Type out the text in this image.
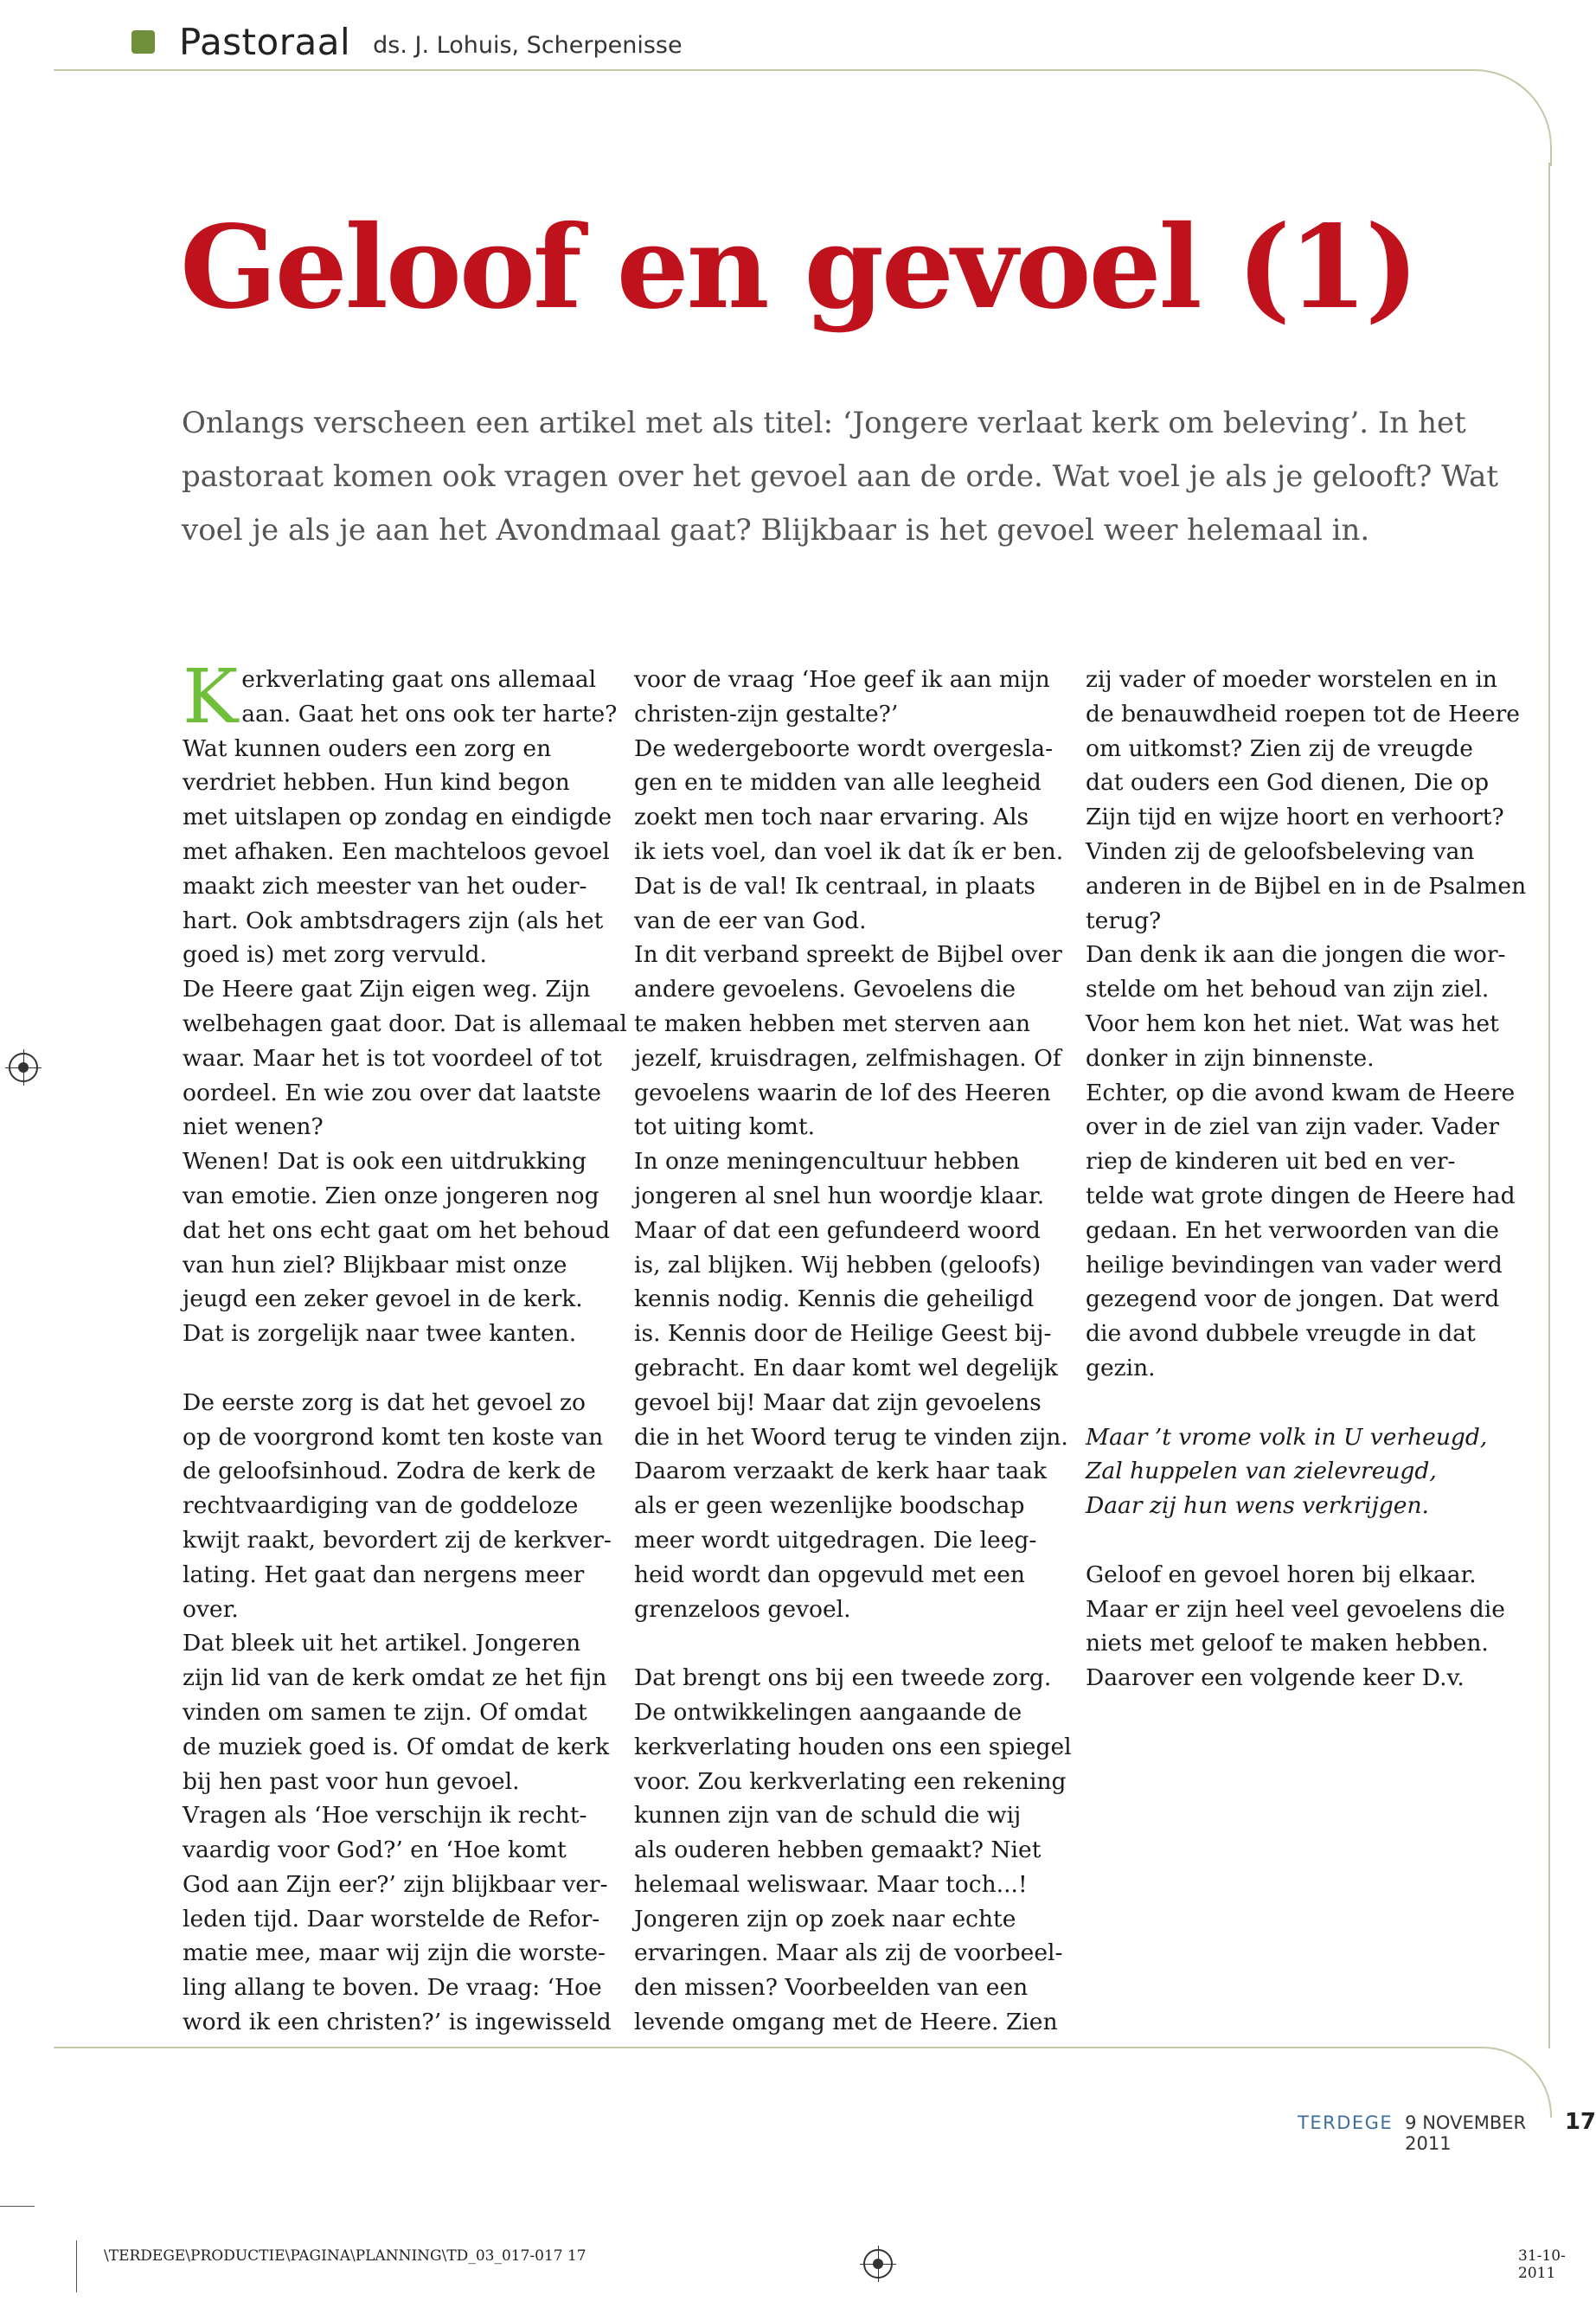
Pastoraal ds. J. Lohuis, Scherpenisse
Geloof en gevoel (1)

Onlangs verscheen een artikel met als titel: ‘Jongere verlaat kerk om beleving’. In het pastoraat komen ook vragen over het gevoel aan de orde. Wat voel je als je gelooft? Wat voel je als je aan het Avondmaal gaat? Blijkbaar is het gevoel weer helemaal in.

K erkverlating gaat ons allemaal

aan. Gaat het ons ook ter harte?

Wat kunnen ouders een zorg en

verdriet hebben. Hun kind begon

met uitslapen op zondag en eindigde

met afhaken. Een machteloos gevoel

maakt zich meester van het ouder-

hart. Ook ambtsdragers zijn (als het

goed is) met zorg vervuld.

De Heere gaat Zijn eigen weg. Zijn

welbehagen gaat door. Dat is allemaal

waar. Maar het is tot voordeel of tot

oordeel. En wie zou over dat laatste

niet wenen?

Wenen! Dat is ook een uitdrukking

van emotie. Zien onze jongeren nog

dat het ons echt gaat om het behoud

van hun ziel? Blijkbaar mist onze

jeugd een zeker gevoel in de kerk.

Dat is zorgelijk naar twee kanten.

De eerste zorg is dat het gevoel zo

op de voorgrond komt ten koste van

de geloofsinhoud. Zodra de kerk de

rechtvaardiging van de goddeloze

kwijt raakt, bevordert zij de kerkver-

lating. Het gaat dan nergens meer

over.

Dat bleek uit het artikel. Jongeren

zijn lid van de kerk omdat ze het fijn

vinden om samen te zijn. Of omdat

de muziek goed is. Of omdat de kerk

bij hen past voor hun gevoel.

Vragen als ‘Hoe verschijn ik recht-

vaardig voor God?’ en ‘Hoe komt

God aan Zijn eer?’ zijn blijkbaar ver-

leden tijd. Daar worstelde de Refor-

matie mee, maar wij zijn die worste-

ling allang te boven. De vraag: ‘Hoe

word ik een christen?’ is ingewisseld

voor de vraag ‘Hoe geef ik aan mijn

christen-zijn gestalte?’

De wedergeboorte wordt overgesla-

gen en te midden van alle leegheid

zoekt men toch naar ervaring. Als

ik iets voel, dan voel ik dat ík er ben.

Dat is de val! Ik centraal, in plaats

van de eer van God.

In dit verband spreekt de Bijbel over

andere gevoelens. Gevoelens die

te maken hebben met sterven aan

jezelf, kruisdragen, zelfmishagen. Of

gevoelens waarin de lof des Heeren

tot uiting komt.

In onze meningencultuur hebben

jongeren al snel hun woordje klaar.

Maar of dat een gefundeerd woord

is, zal blijken. Wij hebben (geloofs)

kennis nodig. Kennis die geheiligd

is. Kennis door de Heilige Geest bij-

gebracht. En daar komt wel degelijk

gevoel bij! Maar dat zijn gevoelens

die in het Woord terug te vinden zijn.

Daarom verzaakt de kerk haar taak

als er geen wezenlijke boodschap

meer wordt uitgedragen. Die leeg-

heid wordt dan opgevuld met een

grenzeloos gevoel.

Dat brengt ons bij een tweede zorg.

De ontwikkelingen aangaande de

kerkverlating houden ons een spiegel

voor. Zou kerkverlating een rekening

kunnen zijn van de schuld die wij

als ouderen hebben gemaakt? Niet

helemaal weliswaar. Maar toch...!

Jongeren zijn op zoek naar echte

ervaringen. Maar als zij de voorbeel-

den missen? Voorbeelden van een

levende omgang met de Heere. Zien

zij vader of moeder worstelen en in

de benauwdheid roepen tot de Heere

om uitkomst? Zien zij de vreugde

dat ouders een God dienen, Die op

Zijn tijd en wijze hoort en verhoort?

Vinden zij de geloofsbeleving van

anderen in de Bijbel en in de Psalmen

terug?

Dan denk ik aan die jongen die wor-

stelde om het behoud van zijn ziel.

Voor hem kon het niet. Wat was het

donker in zijn binnenste.

Echter, op die avond kwam de Heere

over in de ziel van zijn vader. Vader

riep de kinderen uit bed en ver-

telde wat grote dingen de Heere had

gedaan. En het verwoorden van die

heilige bevindingen van vader werd

gezegend voor de jongen. Dat werd

die avond dubbele vreugde in dat

gezin.

Maar ’t vrome volk in U verheugd,

Zal huppelen van zielevreugd,

Daar zij hun wens verkrijgen.

Geloof en gevoel horen bij elkaar.

Maar er zijn heel veel gevoelens die

niets met geloof te maken hebben.

Daarover een volgende keer D.v.

TERDEGE 9 NOVEMBER 2011
17
\TERDEGE\PRODUCTIE\PAGINA\PLANNING\TD_03_017-017 17	31-10-2011
